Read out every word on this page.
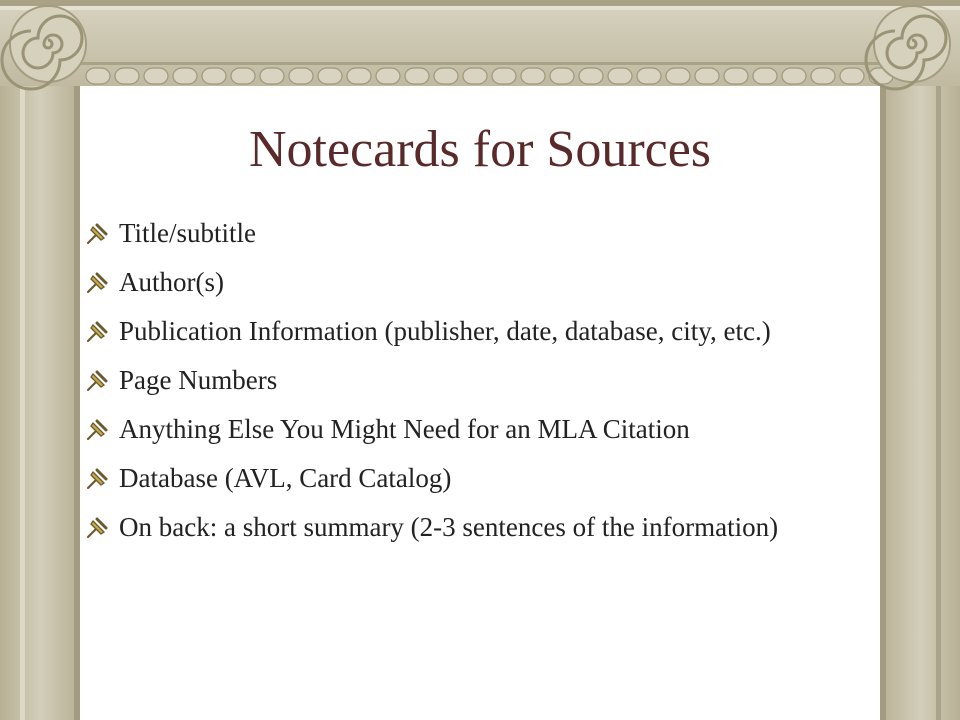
Notecards for Sources
Title/subtitle
Author(s)
Publication Information (publisher, date, database, city, etc.)
Page Numbers
Anything Else You Might Need for an MLA Citation
Database (AVL, Card Catalog)
On back: a short summary (2-3 sentences of the information)
